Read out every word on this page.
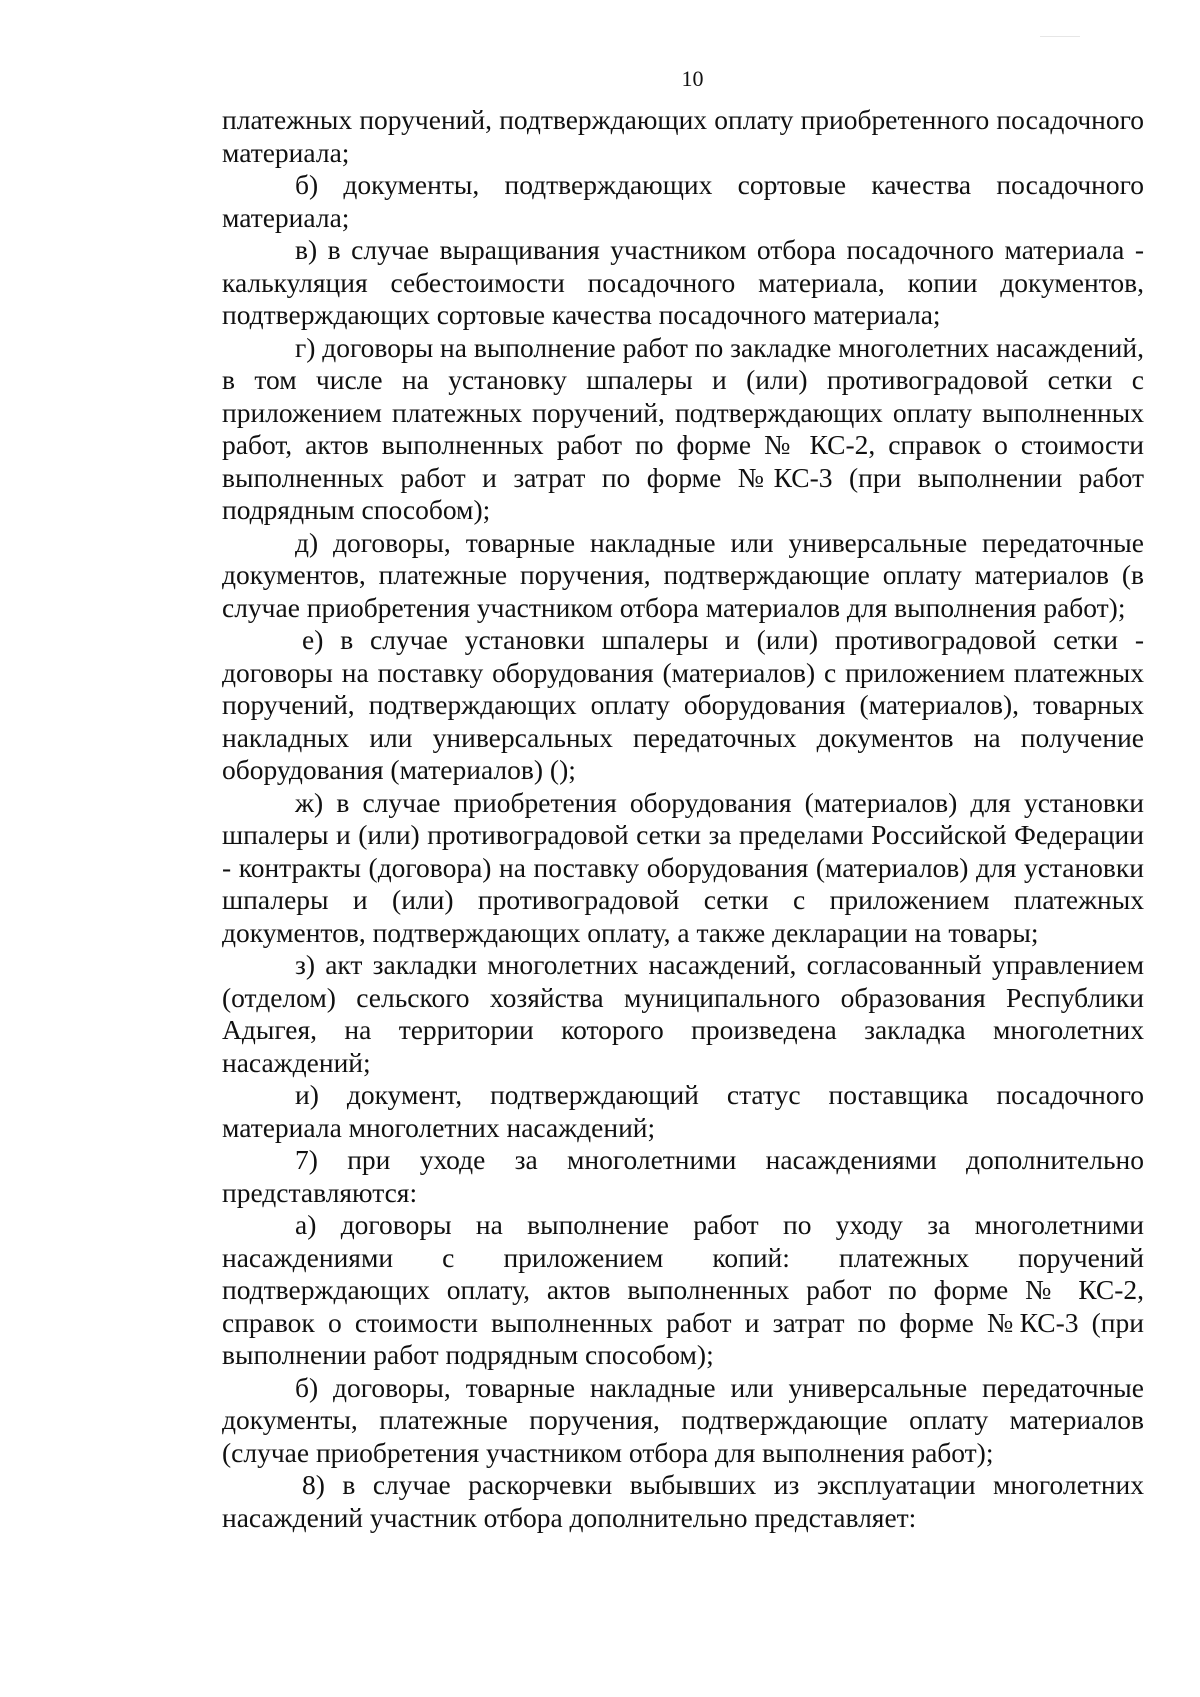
10

платежных поручений, подтверждающих оплату приобретенного посадочного материала;

б) документы, подтверждающих сортовые качества посадочного материала;

в) в случае выращивания участником отбора посадочного материала - калькуляция себестоимости посадочного материала, копии документов, подтверждающих сортовые качества посадочного материала;

г) договоры на выполнение работ по закладке многолетних насаждений, в том числе на установку шпалеры и (или) противоградовой сетки с приложением платежных поручений, подтверждающих оплату выполненных работ, актов выполненных работ по форме № КС-2, справок о стоимости выполненных работ и затрат по форме №КС-3 (при выполнении работ подрядным способом);

д) договоры, товарные накладные или универсальные передаточные документов, платежные поручения, подтверждающие оплату материалов (в случае приобретения участником отбора материалов для выполнения работ);

е) в случае установки шпалеры и (или) противоградовой сетки - договоры на поставку оборудования (материалов) с приложением платежных поручений, подтверждающих оплату оборудования (материалов), товарных накладных или универсальных передаточных документов на получение оборудования (материалов) ();

ж) в случае приобретения оборудования (материалов) для установки шпалеры и (или) противоградовой сетки за пределами Российской Федерации - контракты (договора) на поставку оборудования (материалов) для установки шпалеры и (или) противоградовой сетки с приложением платежных документов, подтверждающих оплату, а также декларации на товары;

з) акт закладки многолетних насаждений, согласованный управлением (отделом) сельского хозяйства муниципального образования Республики Адыгея, на территории которого произведена закладка многолетних насаждений;

и) документ, подтверждающий статус поставщика посадочного материала многолетних насаждений;

7) при уходе за многолетними насаждениями дополнительно представляются:

а) договоры на выполнение работ по уходу за многолетними насаждениями с приложением копий: платежных поручений подтверждающих оплату, актов выполненных работ по форме № КС-2, справок о стоимости выполненных работ и затрат по форме №КС-3 (при выполнении работ подрядным способом);

б) договоры, товарные накладные или универсальные передаточные документы, платежные поручения, подтверждающие оплату материалов (случае приобретения участником отбора для выполнения работ);

8) в случае раскорчевки выбывших из эксплуатации многолетних насаждений участник отбора дополнительно представляет:
